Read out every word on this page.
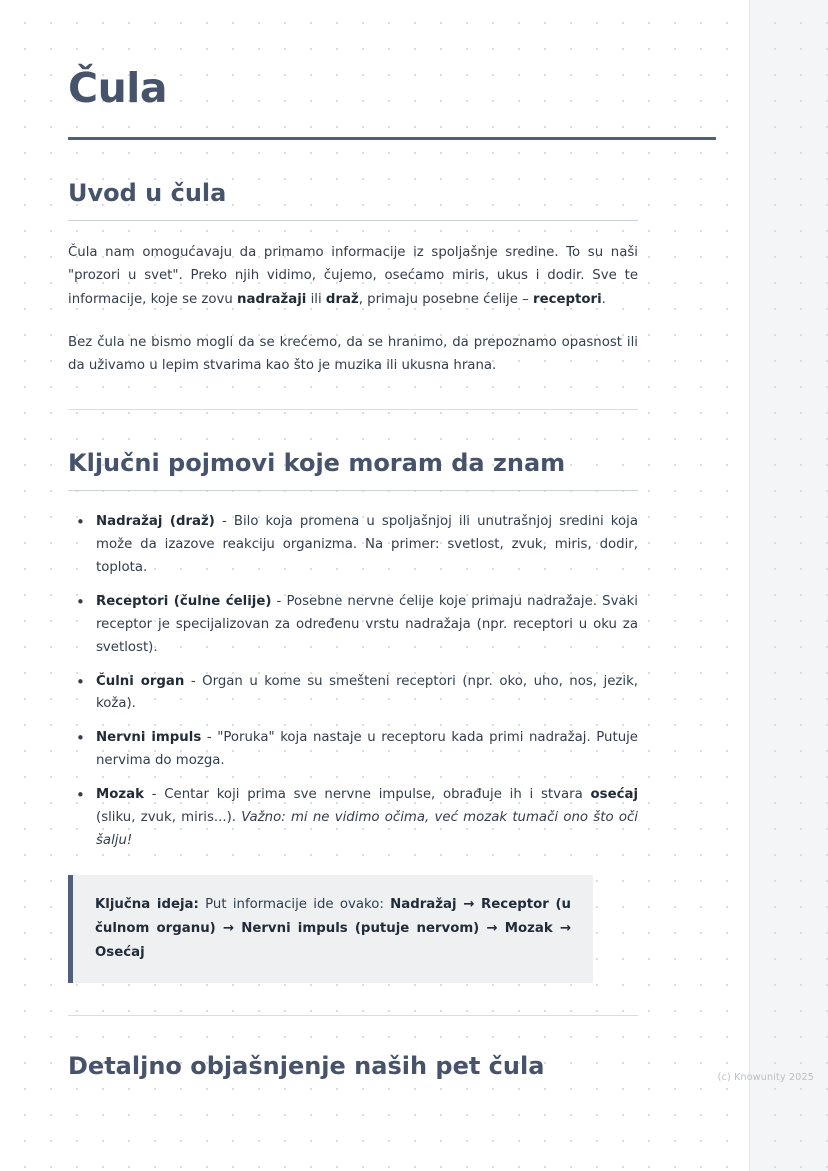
Čula
Uvod u čula

Čula nam omogućavaju da primamo informacije iz spoljašnje sredine. To su naši "prozori u svet". Preko njih vidimo, čujemo, osećamo miris, ukus i dodir. Sve te informacije, koje se zovu nadražaji ili draž, primaju posebne ćelije – receptori.

Bez čula ne bismo mogli da se krećemo, da se hranimo, da prepoznamo opasnost ili da uživamo u lepim stvarima kao što je muzika ili ukusna hrana.

Ključni pojmovi koje moram da znam
• Nadražaj (draž) - Bilo koja promena u spoljašnjoj ili unutrašnjoj sredini koja može da izazove reakciju organizma. Na primer: svetlost, zvuk, miris, dodir, toplota.
• Receptori (čulne ćelije) - Posebne nervne ćelije koje primaju nadražaje. Svaki receptor je specijalizovan za određenu vrstu nadražaja (npr. receptori u oku za svetlost).
• Čulni organ - Organ u kome su smešteni receptori (npr. oko, uho, nos, jezik, koža).
• Nervni impuls - "Poruka" koja nastaje u receptoru kada primi nadražaj. Putuje nervima do mozga.
• Mozak - Centar koji prima sve nervne impulse, obrađuje ih i stvara osećaj (sliku, zvuk, miris...). Važno: mi ne vidimo očima, već mozak tumači ono što oči šalju!

Ključna ideja: Put informacije ide ovako: Nadražaj → Receptor (u čulnom organu) → Nervni impuls (putuje nervom) → Mozak → Osećaj

Detaljno objašnjenje naših pet čula	(c) Knowunity 2025
